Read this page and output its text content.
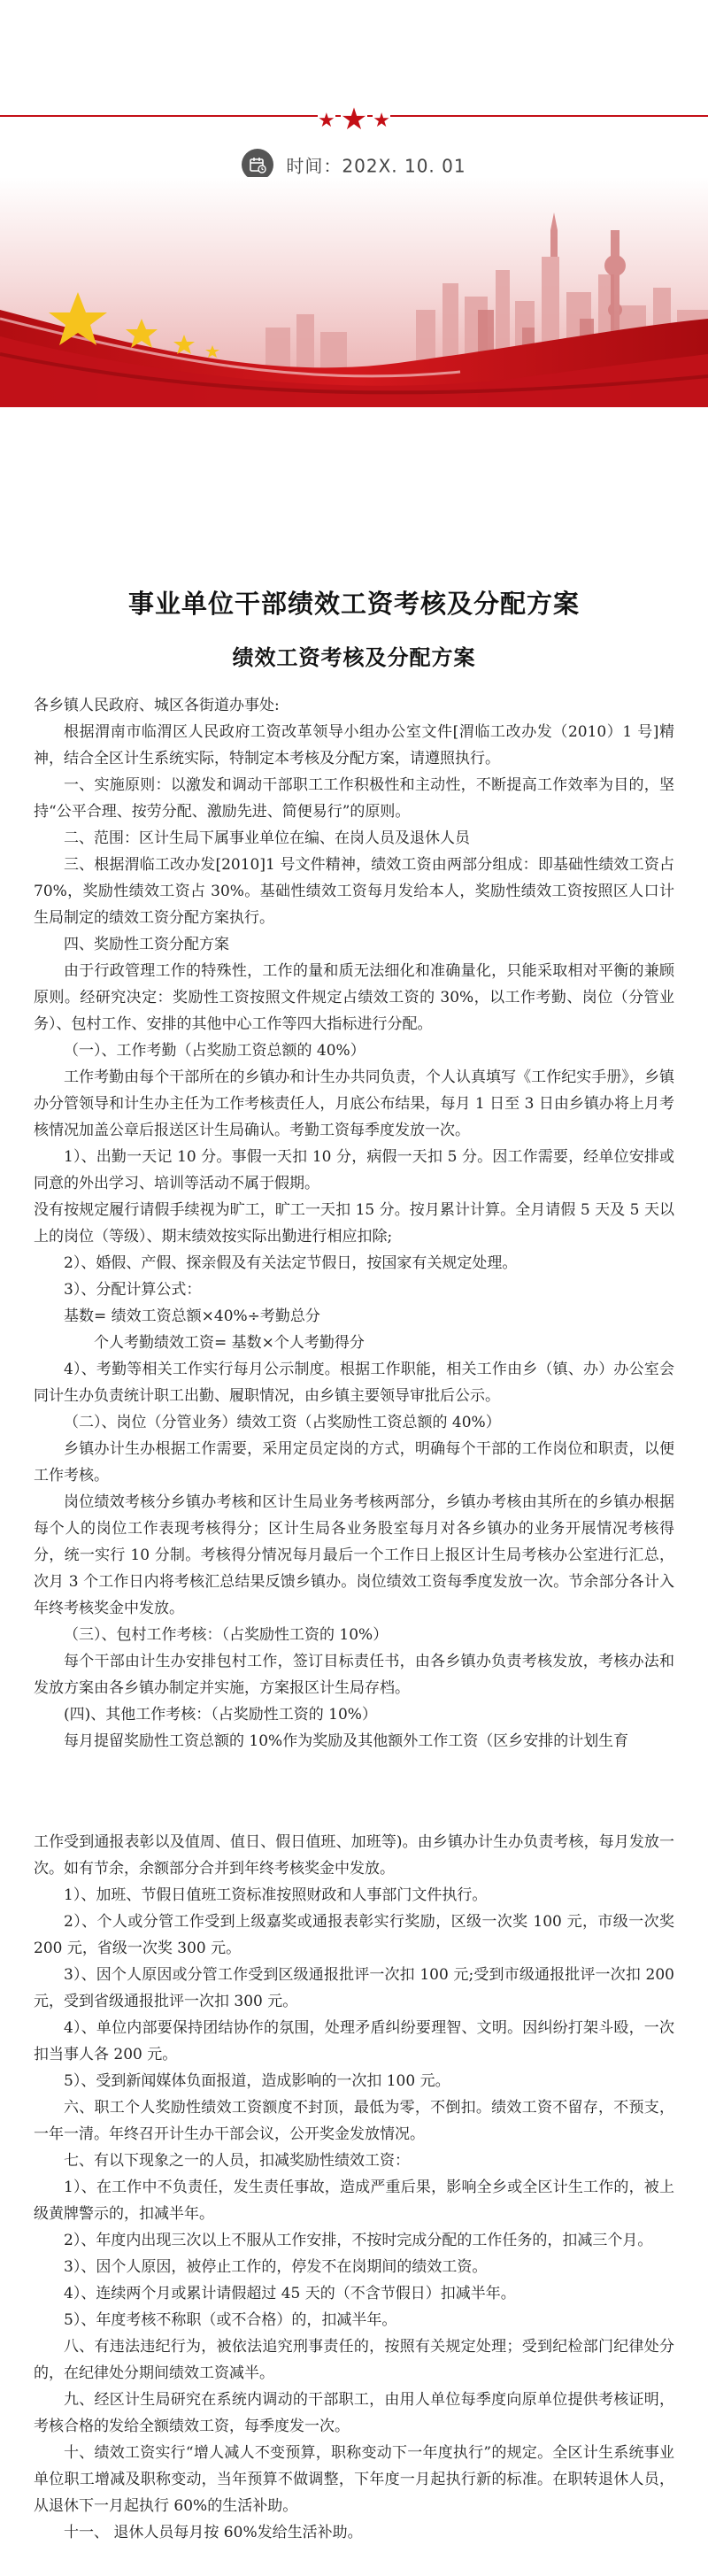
★ ★ ★
时间：202X. 10. 01
事业单位干部绩效工资考核及分配方案
绩效工资考核及分配方案

各乡镇人民政府、城区各街道办事处:

根据渭南市临渭区人民政府工资改革领导小组办公室文件[渭临工改办发（2010）1 号]精神，结合全区计生系统实际，特制定本考核及分配方案，请遵照执行。

一、实施原则：以激发和调动干部职工工作积极性和主动性，不断提高工作效率为目的，坚持“公平合理、按劳分配、激励先进、简便易行”的原则。

二、范围：区计生局下属事业单位在编、在岗人员及退休人员

三、根据渭临工改办发[2010]1 号文件精神，绩效工资由两部分组成：即基础性绩效工资占 70%，奖励性绩效工资占 30%。基础性绩效工资每月发给本人，奖励性绩效工资按照区人口计生局制定的绩效工资分配方案执行。

四、奖励性工资分配方案

由于行政管理工作的特殊性，工作的量和质无法细化和准确量化，只能采取相对平衡的兼顾原则。经研究决定：奖励性工资按照文件规定占绩效工资的 30%，以工作考勤、岗位（分管业务）、包村工作、安排的其他中心工作等四大指标进行分配。

（一）、工作考勤（占奖励工资总额的 40%）

工作考勤由每个干部所在的乡镇办和计生办共同负责，个人认真填写《工作纪实手册》，乡镇办分管领导和计生办主任为工作考核责任人，月底公布结果，每月 1 日至 3 日由乡镇办将上月考核情况加盖公章后报送区计生局确认。考勤工资每季度发放一次。

1）、出勤一天记 10 分。事假一天扣 10 分，病假一天扣 5 分。因工作需要，经单位安排或同意的外出学习、培训等活动不属于假期。

没有按规定履行请假手续视为旷工，旷工一天扣 15 分。按月累计计算。全月请假 5 天及 5 天以上的岗位（等级）、期末绩效按实际出勤进行相应扣除;

2）、婚假、产假、探亲假及有关法定节假日，按国家有关规定处理。

3）、分配计算公式：

基数= 绩效工资总额×40%÷考勤总分

个人考勤绩效工资= 基数×个人考勤得分

4）、考勤等相关工作实行每月公示制度。根据工作职能，相关工作由乡（镇、办）办公室会同计生办负责统计职工出勤、履职情况，由乡镇主要领导审批后公示。

（二）、岗位（分管业务）绩效工资（占奖励性工资总额的 40%）

乡镇办计生办根据工作需要，采用定员定岗的方式，明确每个干部的工作岗位和职责，以便工作考核。

岗位绩效考核分乡镇办考核和区计生局业务考核两部分，乡镇办考核由其所在的乡镇办根据每个人的岗位工作表现考核得分；区计生局各业务股室每月对各乡镇办的业务开展情况考核得分，统一实行 10 分制。考核得分情况每月最后一个工作日上报区计生局考核办公室进行汇总，次月 3 个工作日内将考核汇总结果反馈乡镇办。岗位绩效工资每季度发放一次。节余部分各计入年终考核奖金中发放。

（三）、包村工作考核：（占奖励性工资的 10%）

每个干部由计生办安排包村工作，签订目标责任书，由各乡镇办负责考核发放，考核办法和发放方案由各乡镇办制定并实施，方案报区计生局存档。

(四)、其他工作考核：（占奖励性工资的 10%）

每月提留奖励性工资总额的 10%作为奖励及其他额外工作工资（区乡安排的计划生育

工作受到通报表彰以及值周、值日、假日值班、加班等)。由乡镇办计生办负责考核，每月发放一次。如有节余，余额部分合并到年终考核奖金中发放。

1）、加班、节假日值班工资标准按照财政和人事部门文件执行。

2）、个人或分管工作受到上级嘉奖或通报表彰实行奖励，区级一次奖 100 元，市级一次奖 200 元，省级一次奖 300 元。

3）、因个人原因或分管工作受到区级通报批评一次扣 100 元;受到市级通报批评一次扣 200 元，受到省级通报批评一次扣 300 元。

4）、单位内部要保持团结协作的氛围，处理矛盾纠纷要理智、文明。因纠纷打架斗殴，一次扣当事人各 200 元。

5）、受到新闻媒体负面报道，造成影响的一次扣 100 元。

六、职工个人奖励性绩效工资额度不封顶，最低为零，不倒扣。绩效工资不留存，不预支，一年一清。年终召开计生办干部会议，公开奖金发放情况。

七、有以下现象之一的人员，扣减奖励性绩效工资：

1）、在工作中不负责任，发生责任事故，造成严重后果，影响全乡或全区计生工作的，被上级黄牌警示的，扣减半年。

2）、年度内出现三次以上不服从工作安排，不按时完成分配的工作任务的，扣减三个月。

3）、因个人原因，被停止工作的，停发不在岗期间的绩效工资。

4）、连续两个月或累计请假超过 45 天的（不含节假日）扣减半年。

5）、年度考核不称职（或不合格）的，扣减半年。

八、有违法违纪行为，被依法追究刑事责任的，按照有关规定处理；受到纪检部门纪律处分的，在纪律处分期间绩效工资减半。

九、经区计生局研究在系统内调动的干部职工，由用人单位每季度向原单位提供考核证明，考核合格的发给全额绩效工资，每季度发一次。

十、绩效工资实行“增人减人不变预算，职称变动下一年度执行”的规定。全区计生系统事业单位职工增减及职称变动，当年预算不做调整，下年度一月起执行新的标准。在职转退休人员，从退休下一月起执行 60%的生活补助。

十一、 退休人员每月按 60%发给生活补助。
